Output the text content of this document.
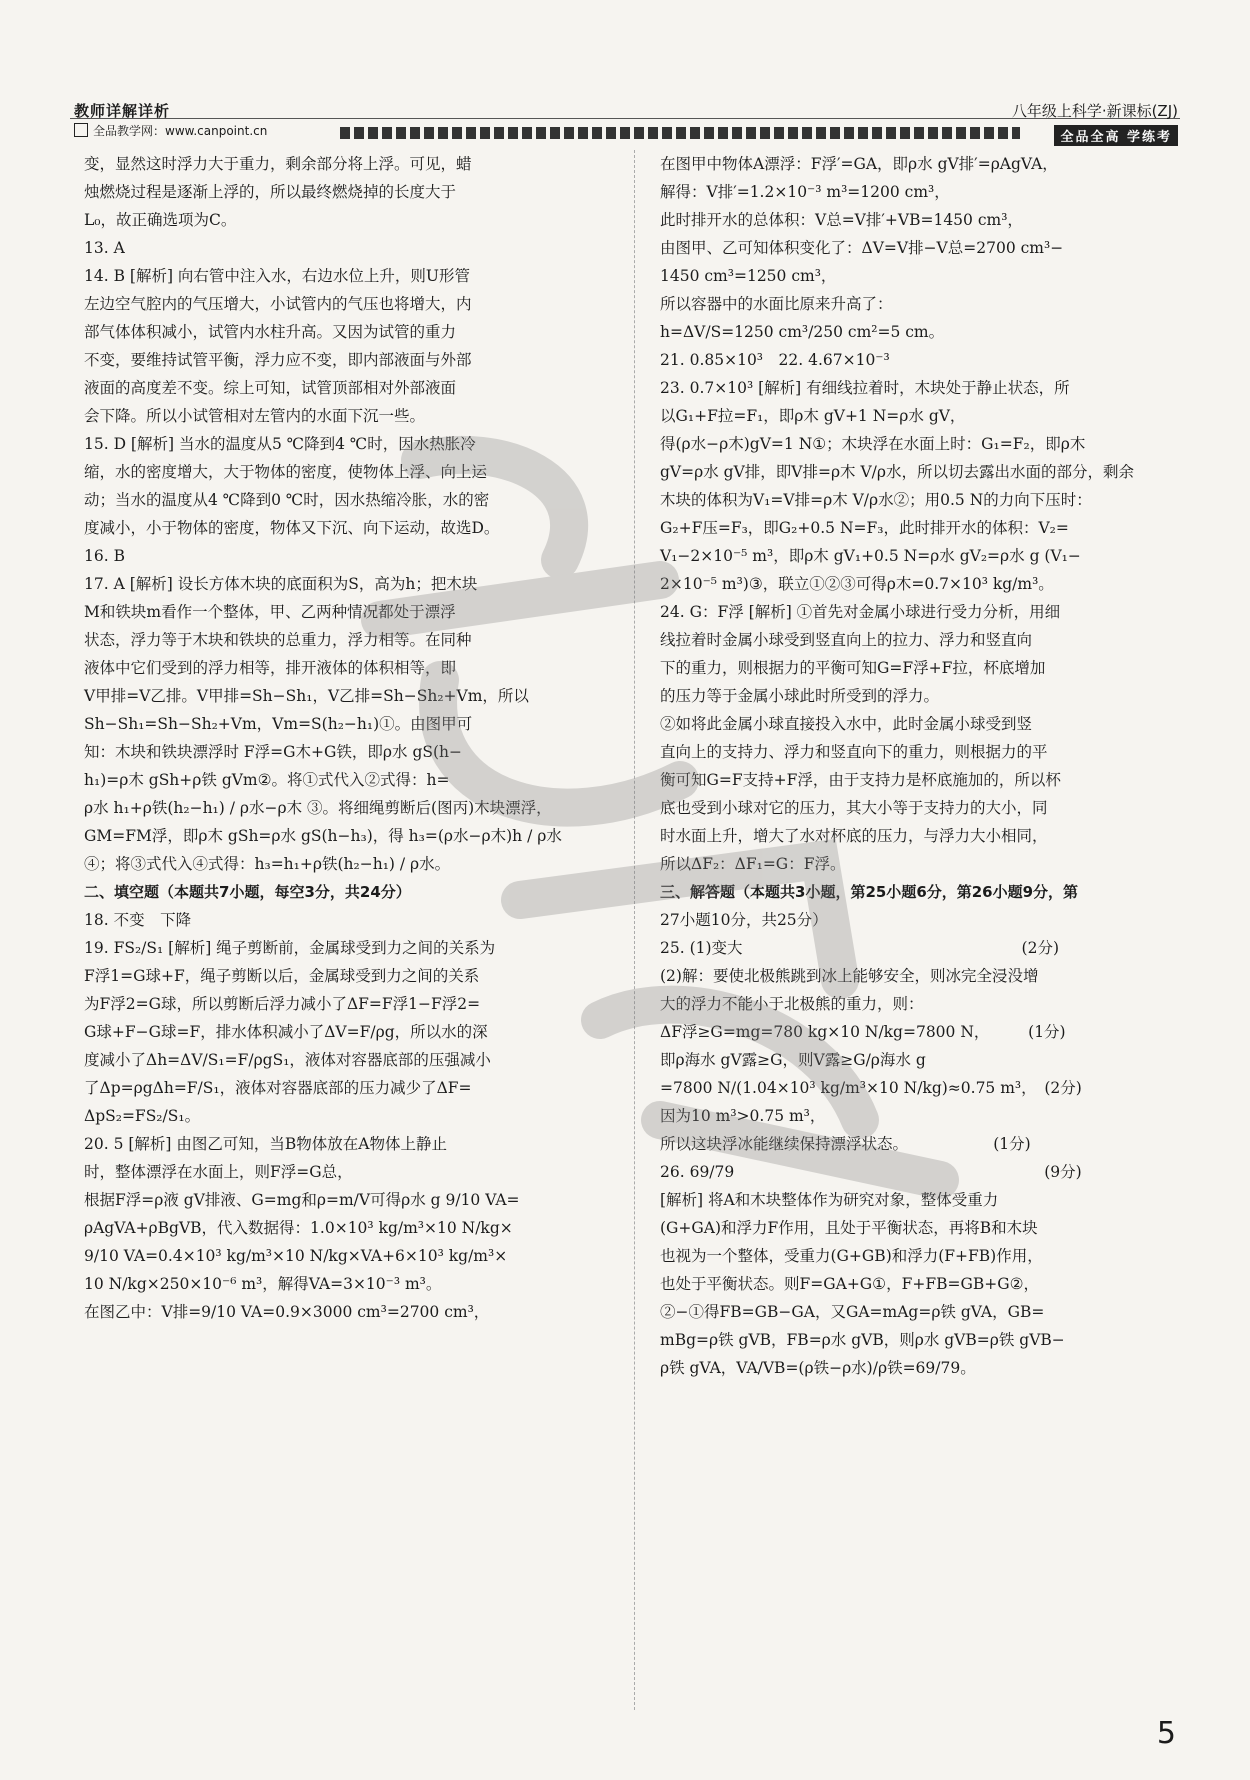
教师详解详析
全品教学网：www.canpoint.cn
八年级上科学·新课标(ZJ)
全品全高 学练考
变，显然这时浮力大于重力，剩余部分将上浮。可见，蜡
烛燃烧过程是逐渐上浮的，所以最终燃烧掉的长度大于
L₀，故正确选项为C。
13. A
14. B [解析] 向右管中注入水，右边水位上升，则U形管
左边空气腔内的气压增大，小试管内的气压也将增大，内
部气体体积减小，试管内水柱升高。又因为试管的重力
不变，要维持试管平衡，浮力应不变，即内部液面与外部
液面的高度差不变。综上可知，试管顶部相对外部液面
会下降。所以小试管相对左管内的水面下沉一些。
15. D [解析] 当水的温度从5 ℃降到4 ℃时，因水热胀冷
缩，水的密度增大，大于物体的密度，使物体上浮、向上运
动；当水的温度从4 ℃降到0 ℃时，因水热缩冷胀，水的密
度减小，小于物体的密度，物体又下沉、向下运动，故选D。
16. B
17. A [解析] 设长方体木块的底面积为S，高为h；把木块
M和铁块m看作一个整体，甲、乙两种情况都处于漂浮
状态，浮力等于木块和铁块的总重力，浮力相等。在同种
液体中它们受到的浮力相等，排开液体的体积相等，即
V甲排=V乙排。V甲排=Sh−Sh₁，V乙排=Sh−Sh₂+Vm，所以
Sh−Sh₁=Sh−Sh₂+Vm，Vm=S(h₂−h₁)①。由图甲可
知：木块和铁块漂浮时 F浮=G木+G铁，即ρ水 gS(h−
h₁)=ρ木 gSh+ρ铁 gVm②。将①式代入②式得：h=
ρ水 h₁+ρ铁(h₂−h₁) / ρ水−ρ木 ③。将细绳剪断后(图丙)木块漂浮，
GM=FM浮，即ρ木 gSh=ρ水 gS(h−h₃)，得 h₃=(ρ水−ρ木)h / ρ水
④；将③式代入④式得：h₃=h₁+ρ铁(h₂−h₁) / ρ水。
二、填空题（本题共7小题，每空3分，共24分）
18. 不变　下降
19. FS₂/S₁ [解析] 绳子剪断前，金属球受到力之间的关系为
F浮1=G球+F，绳子剪断以后，金属球受到力之间的关系
为F浮2=G球，所以剪断后浮力减小了ΔF=F浮1−F浮2=
G球+F−G球=F，排水体积减小了ΔV=F/ρg，所以水的深
度减小了Δh=ΔV/S₁=F/ρgS₁，液体对容器底部的压强减小
了Δp=ρgΔh=F/S₁，液体对容器底部的压力减少了ΔF=
ΔpS₂=FS₂/S₁。
20. 5 [解析] 由图乙可知，当B物体放在A物体上静止
时，整体漂浮在水面上，则F浮=G总，
根据F浮=ρ液 gV排液、G=mg和ρ=m/V可得ρ水 g 9/10 VA=
ρAgVA+ρBgVB，代入数据得：1.0×10³ kg/m³×10 N/kg×
9/10 VA=0.4×10³ kg/m³×10 N/kg×VA+6×10³ kg/m³×
10 N/kg×250×10⁻⁶ m³，解得VA=3×10⁻³ m³。
在图乙中：V排=9/10 VA=0.9×3000 cm³=2700 cm³，
在图甲中物体A漂浮：F浮′=GA，即ρ水 gV排′=ρAgVA，
解得：V排′=1.2×10⁻³ m³=1200 cm³，
此时排开水的总体积：V总=V排′+VB=1450 cm³，
由图甲、乙可知体积变化了：ΔV=V排−V总=2700 cm³−
1450 cm³=1250 cm³，
所以容器中的水面比原来升高了：
h=ΔV/S=1250 cm³/250 cm²=5 cm。
21. 0.85×10³　22. 4.67×10⁻³
23. 0.7×10³ [解析] 有细线拉着时，木块处于静止状态，所
以G₁+F拉=F₁，即ρ木 gV+1 N=ρ水 gV，
得(ρ水−ρ木)gV=1 N①；木块浮在水面上时：G₁=F₂，即ρ木
gV=ρ水 gV排，即V排=ρ木 V/ρ水，所以切去露出水面的部分，剩余
木块的体积为V₁=V排=ρ木 V/ρ水②；用0.5 N的力向下压时：
G₂+F压=F₃，即G₂+0.5 N=F₃，此时排开水的体积：V₂=
V₁−2×10⁻⁵ m³，即ρ木 gV₁+0.5 N=ρ水 gV₂=ρ水 g (V₁−
2×10⁻⁵ m³)③，联立①②③可得ρ木=0.7×10³ kg/m³。
24. G：F浮 [解析] ①首先对金属小球进行受力分析，用细
线拉着时金属小球受到竖直向上的拉力、浮力和竖直向
下的重力，则根据力的平衡可知G=F浮+F拉，杯底增加
的压力等于金属小球此时所受到的浮力。
②如将此金属小球直接投入水中，此时金属小球受到竖
直向上的支持力、浮力和竖直向下的重力，则根据力的平
衡可知G=F支持+F浮，由于支持力是杯底施加的，所以杯
底也受到小球对它的压力，其大小等于支持力的大小，同
时水面上升，增大了水对杯底的压力，与浮力大小相同，
所以ΔF₂：ΔF₁=G：F浮。
三、解答题（本题共3小题，第25小题6分，第26小题9分，第
27小题10分，共25分）
25. (1)变大　　　　　　　　　　　　　　　　　　(2分)
(2)解：要使北极熊跳到冰上能够安全，则冰完全浸没增
大的浮力不能小于北极熊的重力，则：
ΔF浮≥G=mg=780 kg×10 N/kg=7800 N，　　　(1分)
即ρ海水 gV露≥G，则V露≥G/ρ海水 g
=7800 N/(1.04×10³ kg/m³×10 N/kg)≈0.75 m³，　(2分)
因为10 m³>0.75 m³，
所以这块浮冰能继续保持漂浮状态。　　　　　　(1分)
26. 69/79　　　　　　　　　　　　　　　　　　　　(9分)
[解析] 将A和木块整体作为研究对象，整体受重力
(G+GA)和浮力F作用，且处于平衡状态，再将B和木块
也视为一个整体，受重力(G+GB)和浮力(F+FB)作用，
也处于平衡状态。则F=GA+G①，F+FB=GB+G②，
②−①得FB=GB−GA，又GA=mAg=ρ铁 gVA，GB=
mBg=ρ铁 gVB，FB=ρ水 gVB，则ρ水 gVB=ρ铁 gVB−
ρ铁 gVA，VA/VB=(ρ铁−ρ水)/ρ铁=69/79。
5
